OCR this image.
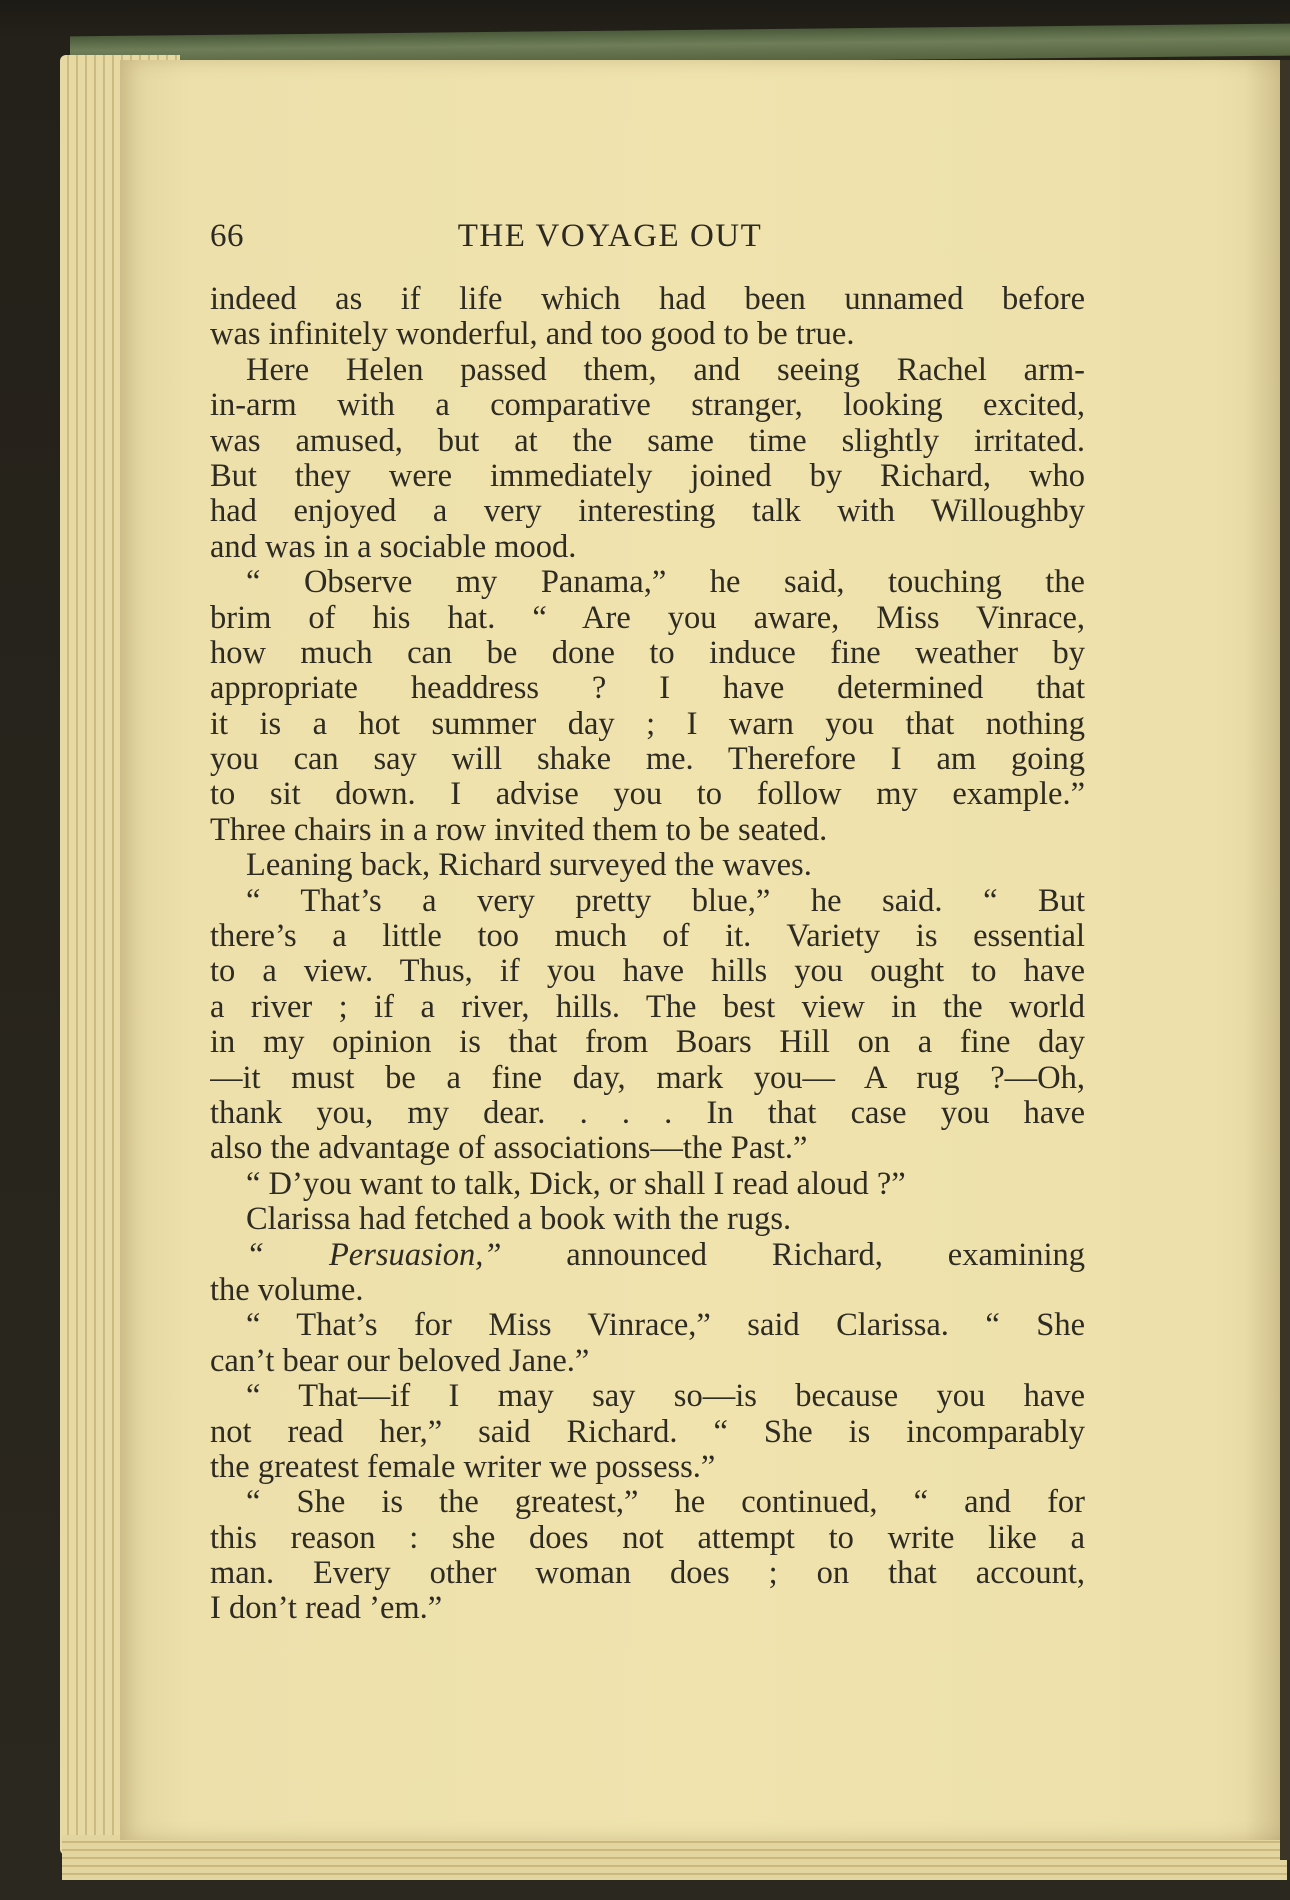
66	THE VOYAGE OUT
indeed as if life which had been unnamed before
was infinitely wonderful, and too good to be true.
Here Helen passed them, and seeing Rachel arm-
in-arm with a comparative stranger, looking excited,
was amused, but at the same time slightly irritated.
But they were immediately joined by Richard, who
had enjoyed a very interesting talk with Willoughby
and was in a sociable mood.
“ Observe my Panama,” he said, touching the
brim of his hat. “ Are you aware, Miss Vinrace,
how much can be done to induce fine weather by
appropriate headdress ? I have determined that
it is a hot summer day ; I warn you that nothing
you can say will shake me. Therefore I am going
to sit down. I advise you to follow my example.”
Three chairs in a row invited them to be seated.
Leaning back, Richard surveyed the waves.
“ That’s a very pretty blue,” he said. “ But
there’s a little too much of it. Variety is essential
to a view. Thus, if you have hills you ought to have
a river ; if a river, hills. The best view in the world
in my opinion is that from Boars Hill on a fine day
—it must be a fine day, mark you— A rug ?—Oh,
thank you, my dear. . . . In that case you have
also the advantage of associations—the Past.”
“ D’you want to talk, Dick, or shall I read aloud ?”
Clarissa had fetched a book with the rugs.
“ Persuasion,” announced Richard, examining
the volume.
“ That’s for Miss Vinrace,” said Clarissa. “ She
can’t bear our beloved Jane.”
“ That—if I may say so—is because you have
not read her,” said Richard. “ She is incomparably
the greatest female writer we possess.”
“ She is the greatest,” he continued, “ and for
this reason : she does not attempt to write like a
man. Every other woman does ; on that account,
I don’t read ’em.”
